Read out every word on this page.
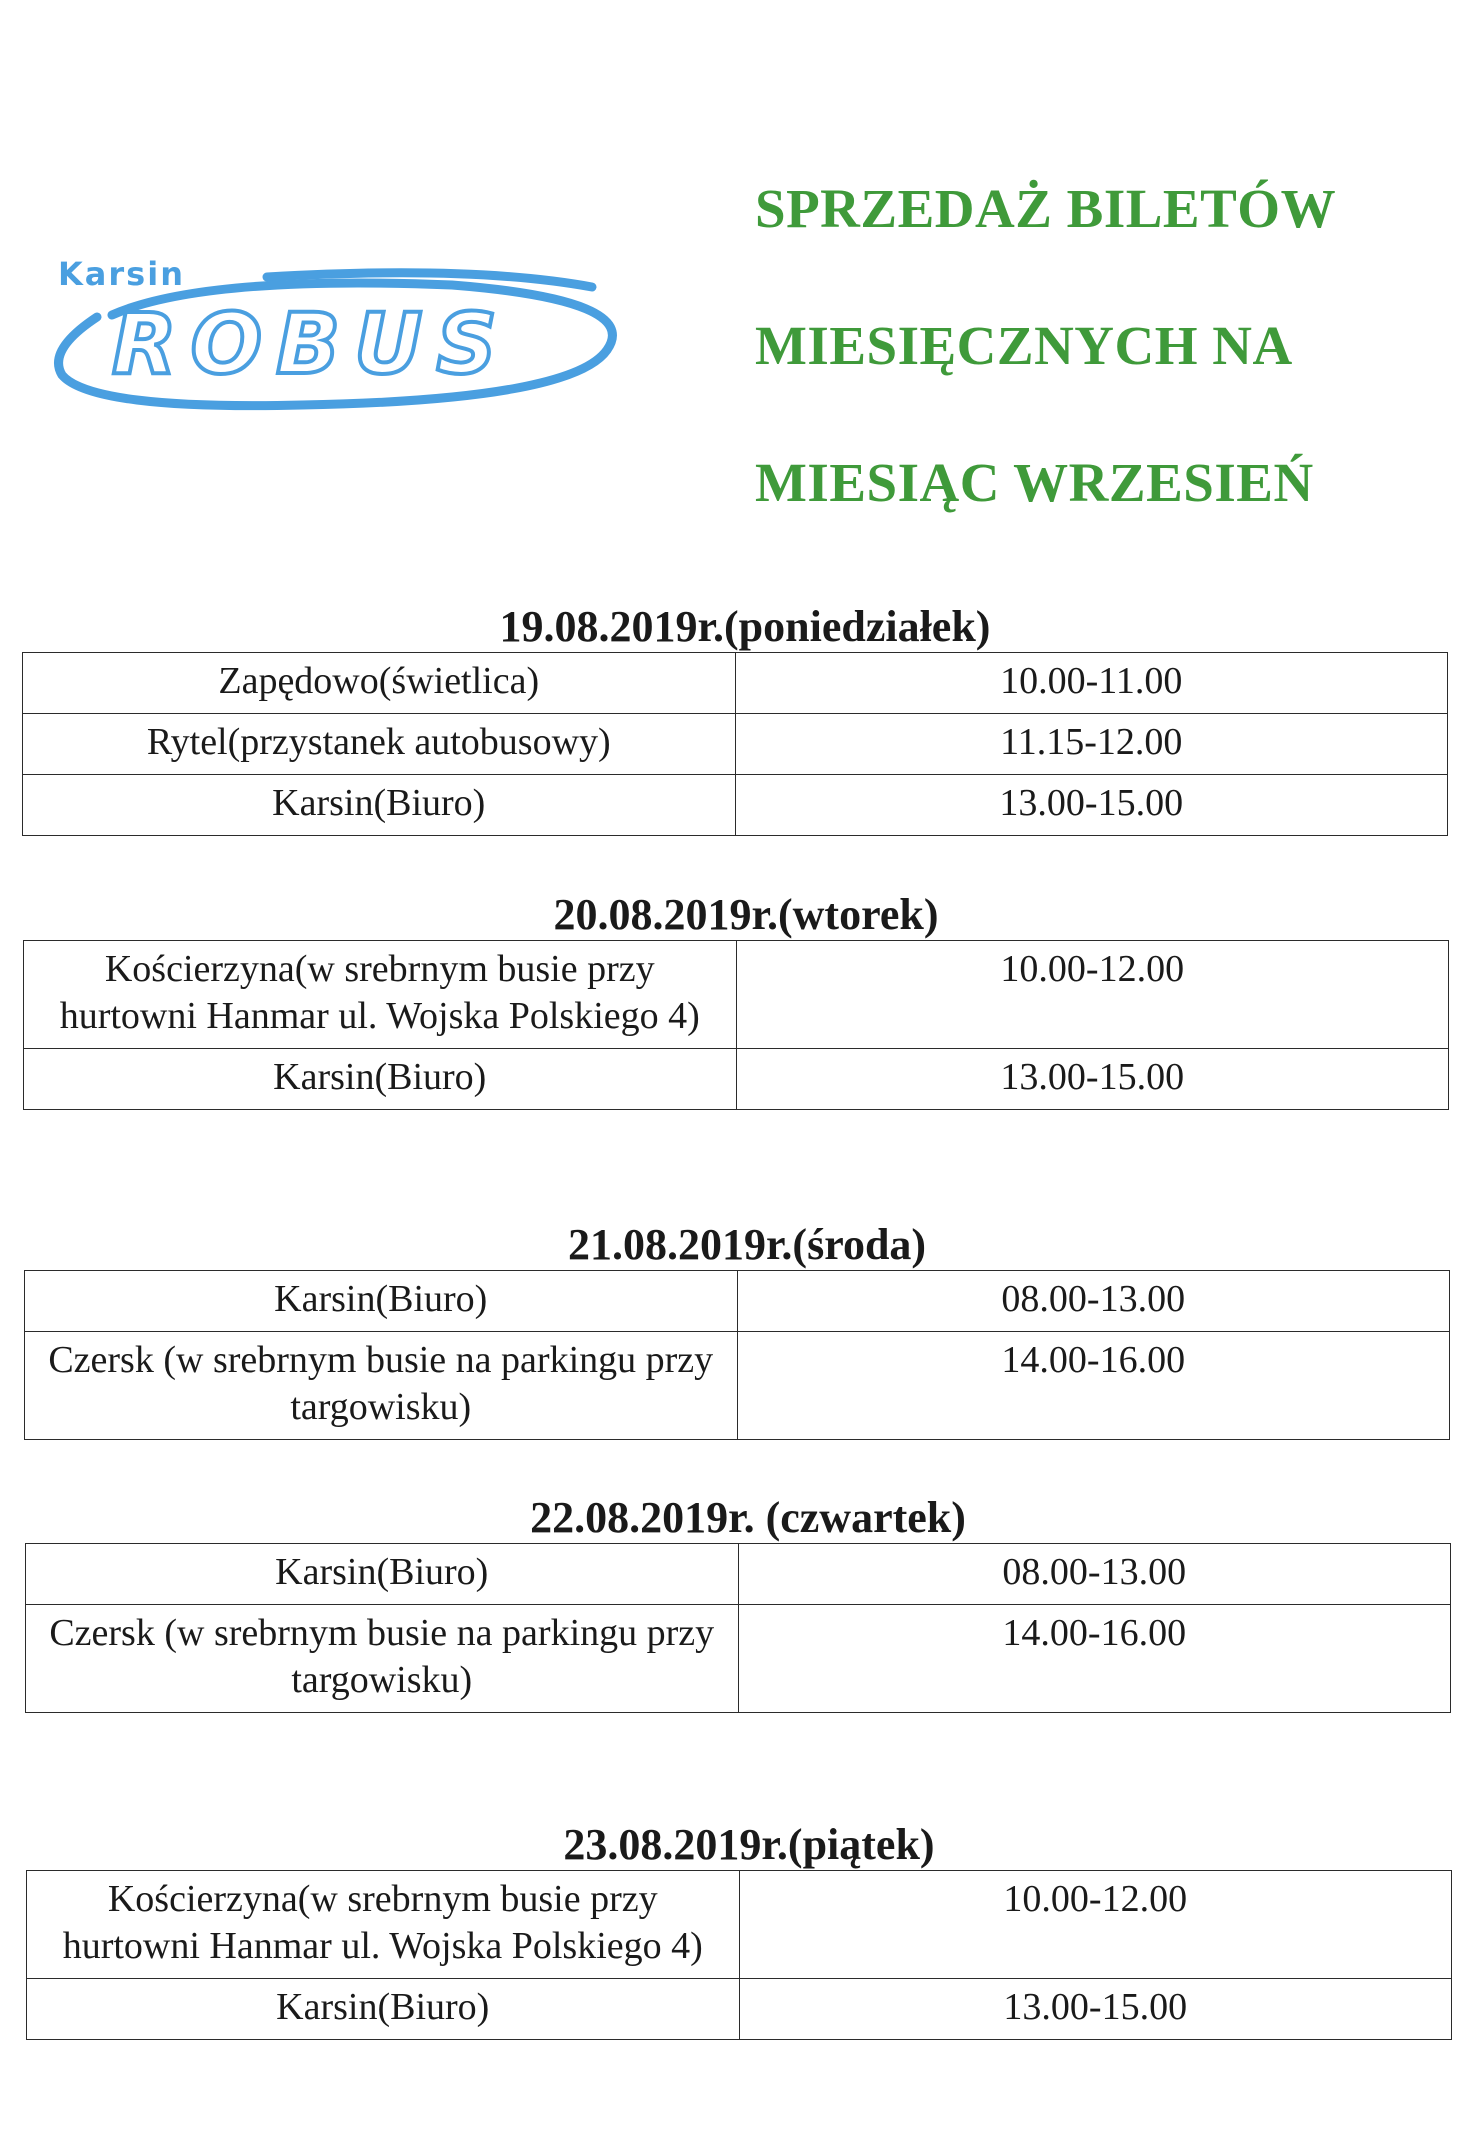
Karsin
ROBUS
SPRZEDAŻ BILETÓW
MIESIĘCZNYCH NA
MIESIĄC WRZESIEŃ
19.08.2019r.(poniedziałek)
Zapędowo(świetlica)	10.00-11.00
Rytel(przystanek autobusowy)	11.15-12.00
Karsin(Biuro)	13.00-15.00
20.08.2019r.(wtorek)
Kościerzyna(w srebrnym busie przy hurtowni Hanmar ul. Wojska Polskiego 4)	10.00-12.00
Karsin(Biuro)	13.00-15.00
21.08.2019r.(środa)
Karsin(Biuro)	08.00-13.00
Czersk (w srebrnym busie na parkingu przy targowisku)	14.00-16.00
22.08.2019r. (czwartek)
Karsin(Biuro)	08.00-13.00
Czersk (w srebrnym busie na parkingu przy targowisku)	14.00-16.00
23.08.2019r.(piątek)
Kościerzyna(w srebrnym busie przy hurtowni Hanmar ul. Wojska Polskiego 4)	10.00-12.00
Karsin(Biuro)	13.00-15.00
